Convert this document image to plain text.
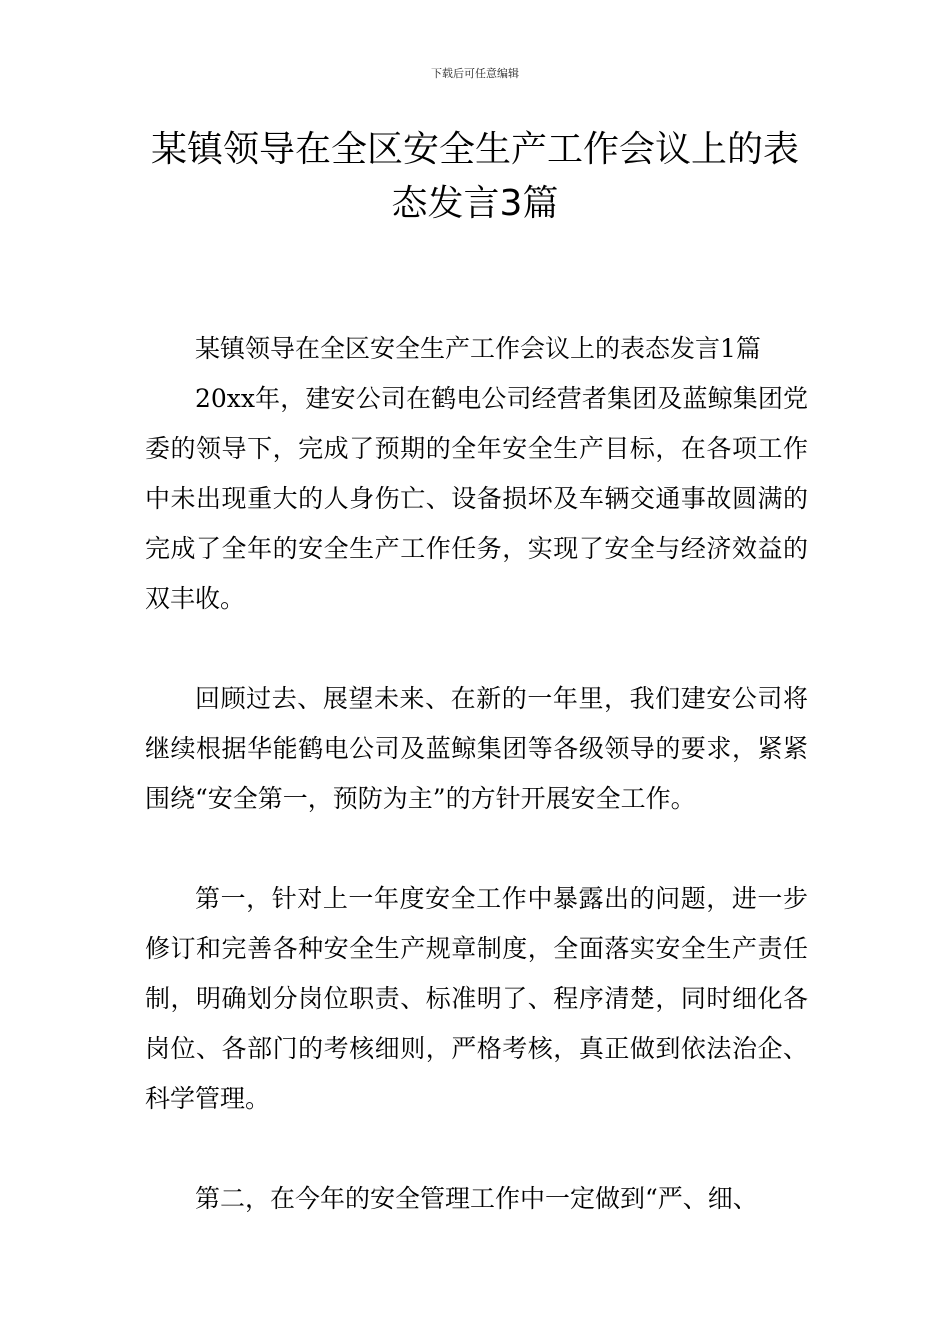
下载后可任意编辑
某镇领导在全区安全生产工作会议上的表
态发言3篇

某镇领导在全区安全生产工作会议上的表态发言1篇

20xx年，建安公司在鹤电公司经营者集团及蓝鲸集团党委的领导下，完成了预期的全年安全生产目标，在各项工作中未出现重大的人身伤亡、设备损坏及车辆交通事故圆满的完成了全年的安全生产工作任务，实现了安全与经济效益的双丰收。

回顾过去、展望未来、在新的一年里，我们建安公司将继续根据华能鹤电公司及蓝鲸集团等各级领导的要求，紧紧围绕“安全第一，预防为主”的方针开展安全工作。

第一，针对上一年度安全工作中暴露出的问题，进一步修订和完善各种安全生产规章制度，全面落实安全生产责任制，明确划分岗位职责、标准明了、程序清楚，同时细化各岗位、各部门的考核细则，严格考核，真正做到依法治企、科学管理。

第二，在今年的安全管理工作中一定做到“严、细、
